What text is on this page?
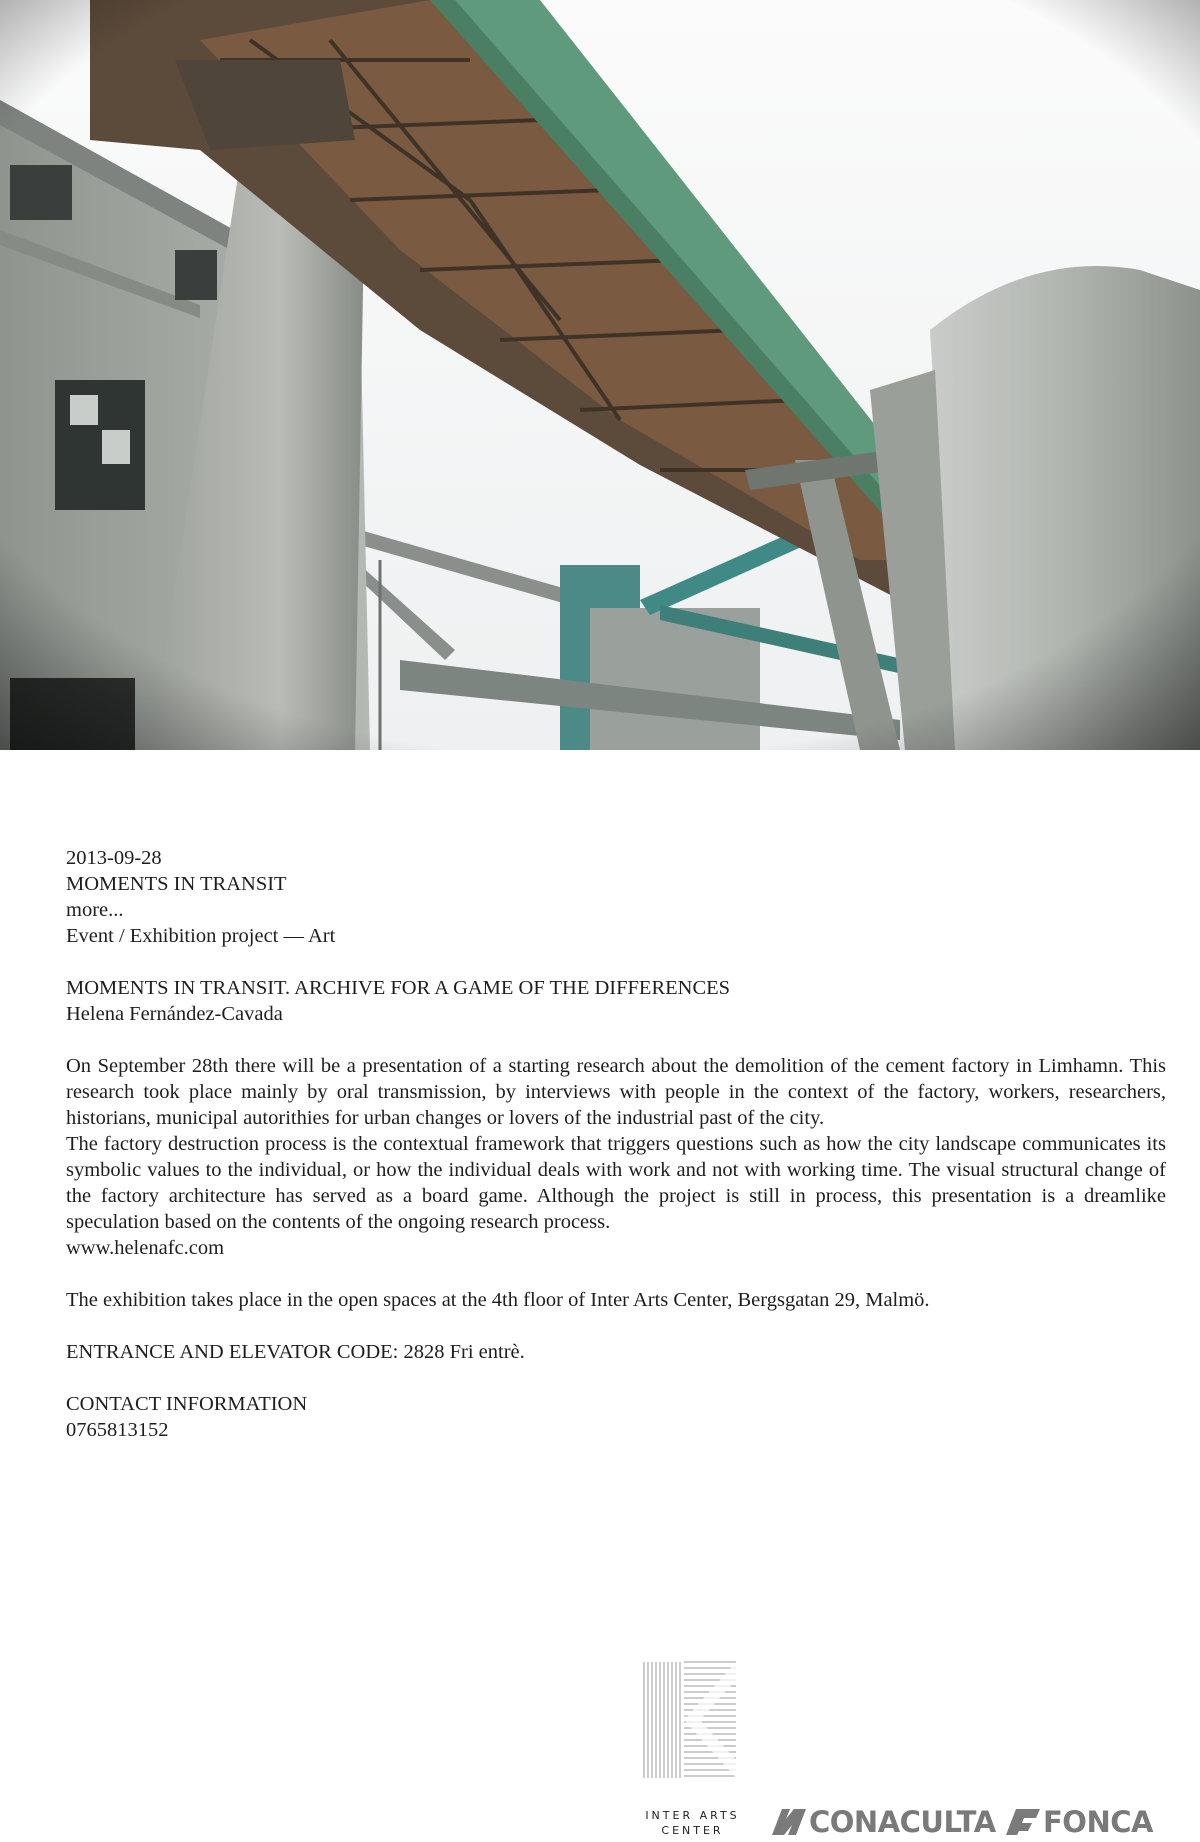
2013-09-28

MOMENTS IN TRANSIT

more...

Event / Exhibition project — Art

MOMENTS IN TRANSIT. ARCHIVE FOR A GAME OF THE DIFFERENCES

Helena Fernández-Cavada

On September 28th there will be a presentation of a starting research about the demolition of the cement factory in Limhamn. This research took place mainly by oral transmission, by interviews with people in the context of the factory, workers, researchers, historians, municipal autorithies for urban changes or lovers of the industrial past of the city.

The factory destruction process is the contextual framework that triggers questions such as how the city landscape communicates its symbolic values to the individual, or how the individual deals with work and not with working time. The visual structural change of the factory architecture has served as a board game. Although the project is still in process, this presentation is a dreamlike speculation based on the contents of the ongoing research process.

www.helenafc.com

The exhibition takes place in the open spaces at the 4th floor of Inter Arts Center, Bergsgatan 29, Malmö.

ENTRANCE AND ELEVATOR CODE: 2828 Fri entrè.

CONTACT INFORMATION

0765813152

INTER ARTS
CENTER	CONACULTA FONCA
